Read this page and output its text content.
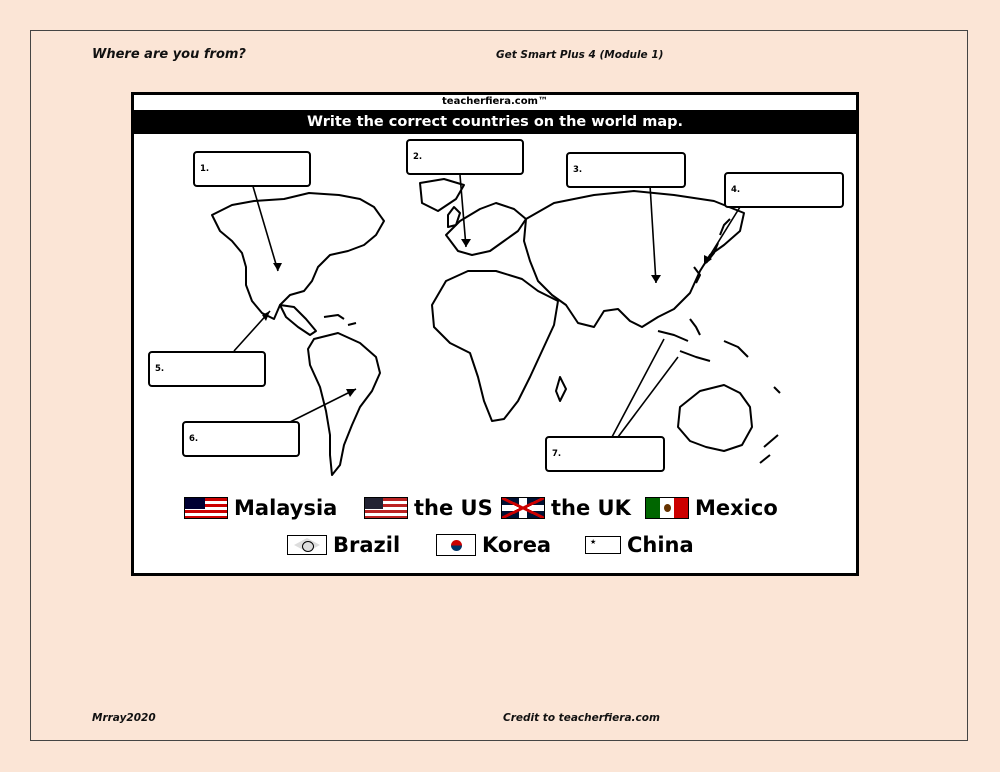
Where are you from?	Get Smart Plus 4 (Module 1)
teacherfiera.com™
Write the correct countries on the world map.
1.
2.
3.
4.
5.
6.
7.
Malaysia	the US	the UK	Mexico
Brazil	Korea	★ China
Mrray2020	Credit to teacherfiera.com
